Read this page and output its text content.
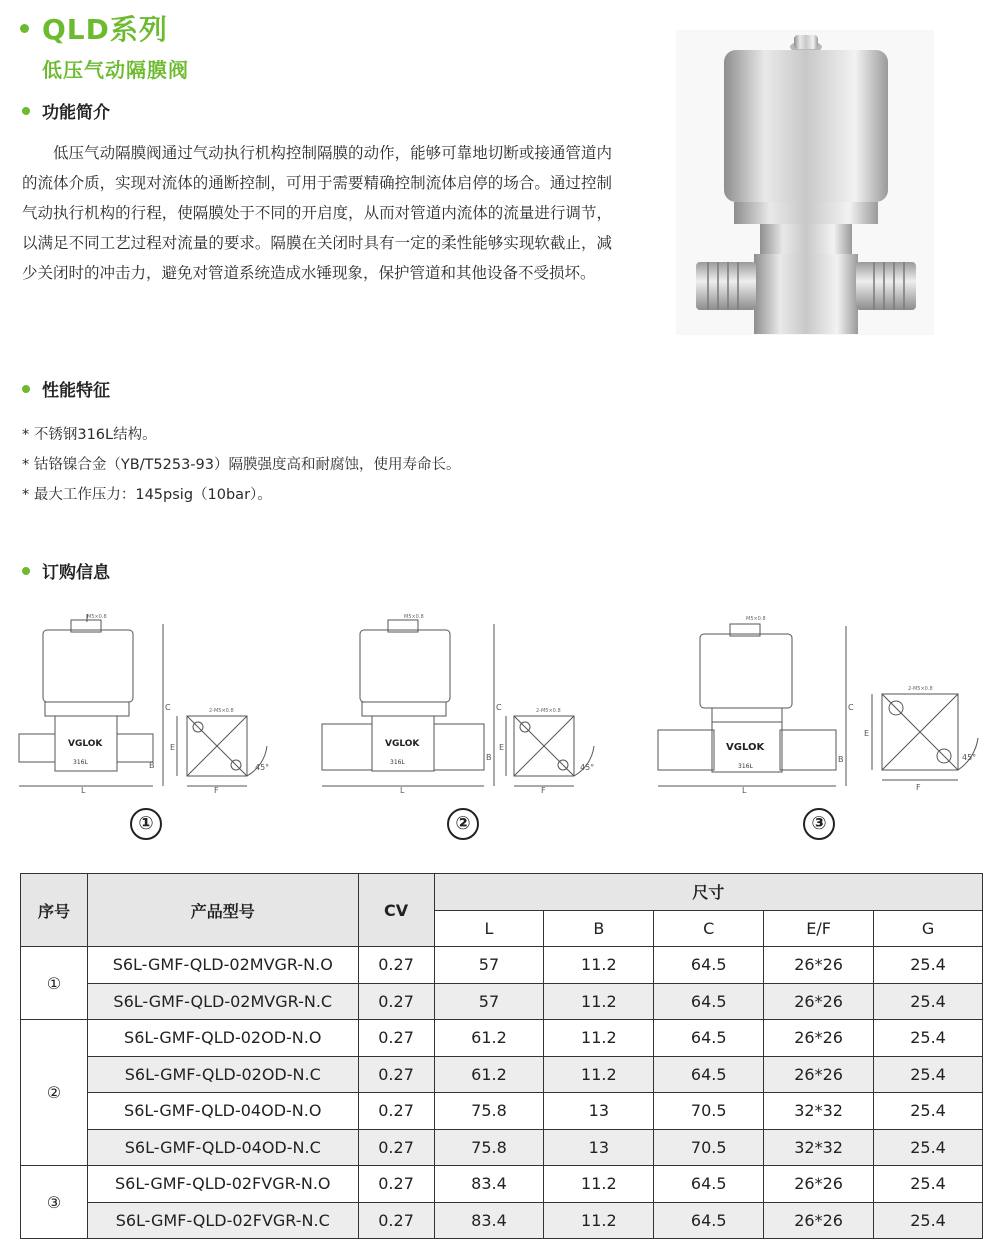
QLD系列
低压气动隔膜阀
功能简介
低压气动隔膜阀通过气动执行机构控制隔膜的动作，能够可靠地切断或接通管道内的流体介质，实现对流体的通断控制，可用于需要精确控制流体启停的场合。通过控制气动执行机构的行程，使隔膜处于不同的开启度，从而对管道内流体的流量进行调节，以满足不同工艺过程对流量的要求。隔膜在关闭时具有一定的柔性能够实现软截止，减少关闭时的冲击力，避免对管道系统造成水锤现象，保护管道和其他设备不受损坏。
性能特征
* 不锈钢316L结构。
* 钴铬镍合金（YB/T5253-93）隔膜强度高和耐腐蚀，使用寿命长。
* 最大工作压力：145psig（10bar）。
订购信息
M5×0.8
VGLOK
316L
L
C
B
E
F
45°
2-M5×0.8
M5×0.8
VGLOK
316L
L
C
B
E
F
45°
2-M5×0.8
M5×0.8
VGLOK
316L
L
C
B
E
F
45°
2-M5×0.8
①	②	③
序号	产品型号	CV	尺寸				
			L	B	C	E/F	G
①	S6L-GMF-QLD-02MVGR-N.O	0.27	57	11.2	64.5	26*26	25.4
	S6L-GMF-QLD-02MVGR-N.C	0.27	57	11.2	64.5	26*26	25.4
②	S6L-GMF-QLD-02OD-N.O	0.27	61.2	11.2	64.5	26*26	25.4
	S6L-GMF-QLD-02OD-N.C	0.27	61.2	11.2	64.5	26*26	25.4
	S6L-GMF-QLD-04OD-N.O	0.27	75.8	13	70.5	32*32	25.4
	S6L-GMF-QLD-04OD-N.C	0.27	75.8	13	70.5	32*32	25.4
③	S6L-GMF-QLD-02FVGR-N.O	0.27	83.4	11.2	64.5	26*26	25.4
	S6L-GMF-QLD-02FVGR-N.C	0.27	83.4	11.2	64.5	26*26	25.4
